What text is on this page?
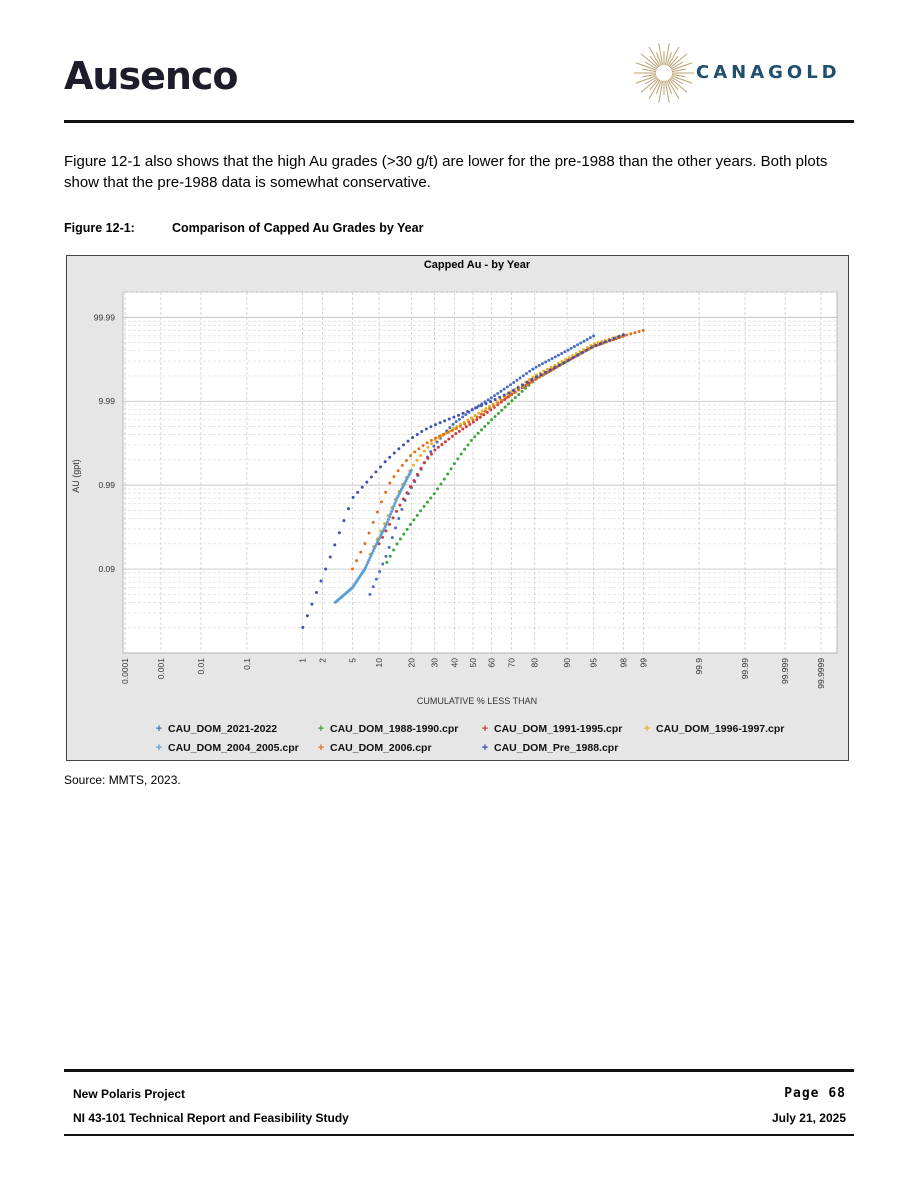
Ausenco	CANAGOLD
Figure 12-1 also shows that the high Au grades (>30 g/t) are lower for the pre-1988 than the other years. Both plots show that the pre-1988 data is somewhat conservative.
Figure 12-1:	Comparison of Capped Au Grades by Year
Capped Au - by Year
0.0001	0.001	0.01	0.1	1 2 5 10	20 30 40 50 60 70 80	90 95 98 99	99.9	99.99	99.999	99.9999
99.99
9.99
0.99
0.09
CUMULATIVE % LESS THAN
AU (gpt)
+ CAU_DOM_2021-2022	+ CAU_DOM_1988-1990.cpr + CAU_DOM_1991-1995.cpr + CAU_DOM_1996-1997.cpr
+ CAU_DOM_2004_2005.cpr + CAU_DOM_2006.cpr	+ CAU_DOM_Pre_1988.cpr
Source: MMTS, 2023.
New Polaris Project
NI 43-101 Technical Report and Feasibility Study
Page 68
July 21, 2025
